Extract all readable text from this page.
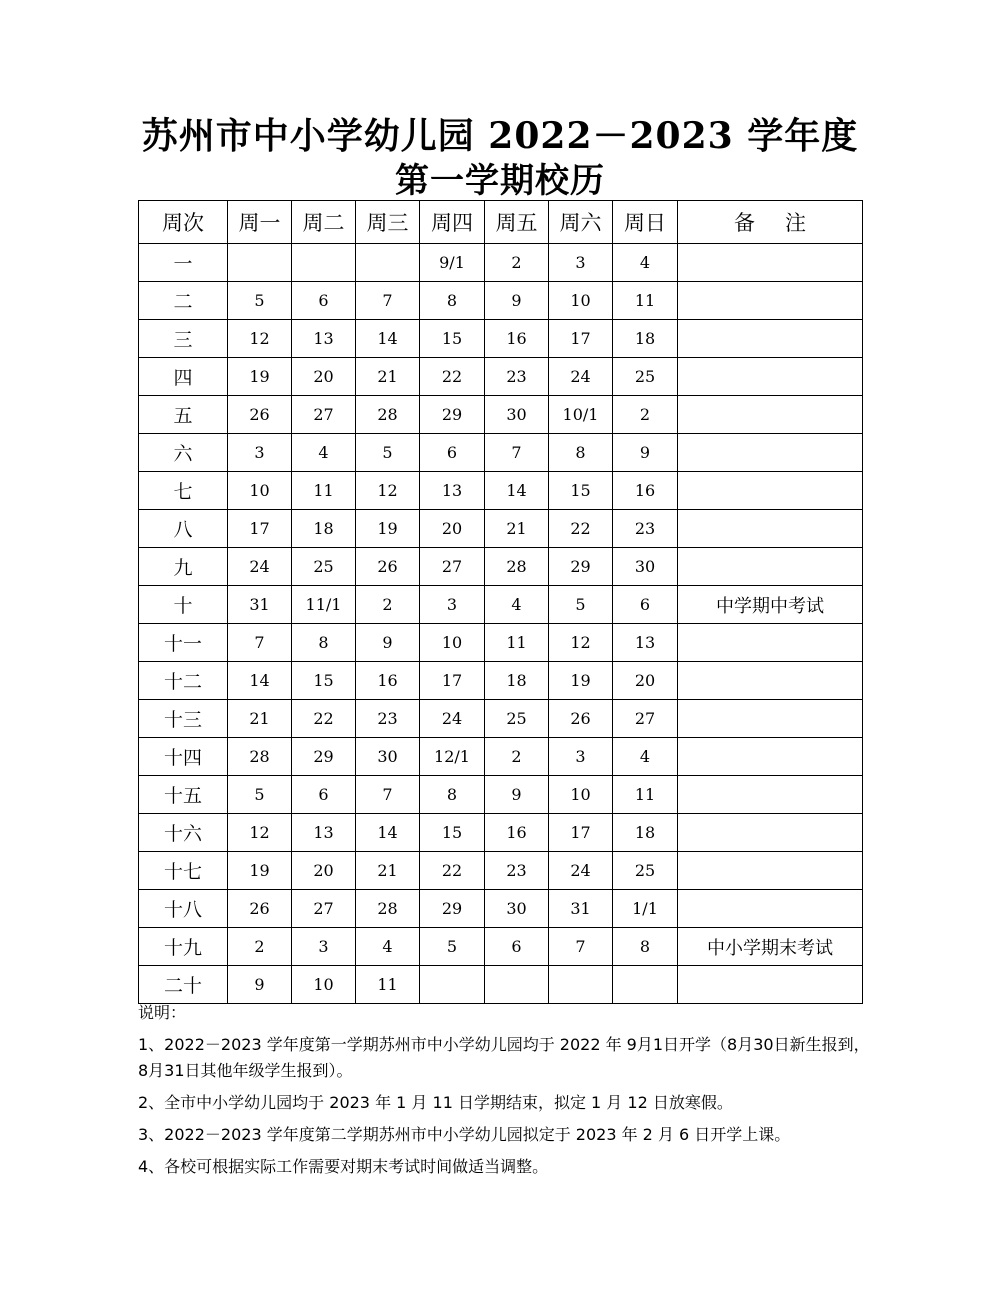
苏州市中小学幼儿园 2022－2023 学年度
第一学期校历
周次	周一	周二	周三	周四	周五	周六	周日	备注
一				9/1	2	3	4	
二	5	6	7	8	9	10	11	
三	12	13	14	15	16	17	18	
四	19	20	21	22	23	24	25	
五	26	27	28	29	30	10/1	2	
六	3	4	5	6	7	8	9	
七	10	11	12	13	14	15	16	
八	17	18	19	20	21	22	23	
九	24	25	26	27	28	29	30	
十	31	11/1	2	3	4	5	6	中学期中考试
十一	7	8	9	10	11	12	13	
十二	14	15	16	17	18	19	20	
十三	21	22	23	24	25	26	27	
十四	28	29	30	12/1	2	3	4	
十五	5	6	7	8	9	10	11	
十六	12	13	14	15	16	17	18	
十七	19	20	21	22	23	24	25	
十八	26	27	28	29	30	31	1/1	
十九	2	3	4	5	6	7	8	中小学期末考试
二十	9	10	11					

说明：

1、2022－2023 学年度第一学期苏州市中小学幼儿园均于 2022 年 9月1日开学（8月30日新生报到，8月31日其他年级学生报到）。

2、全市中小学幼儿园均于 2023 年 1 月 11 日学期结束，拟定 1 月 12 日放寒假。

3、2022－2023 学年度第二学期苏州市中小学幼儿园拟定于 2023 年 2 月 6 日开学上课。

4、各校可根据实际工作需要对期末考试时间做适当调整。
